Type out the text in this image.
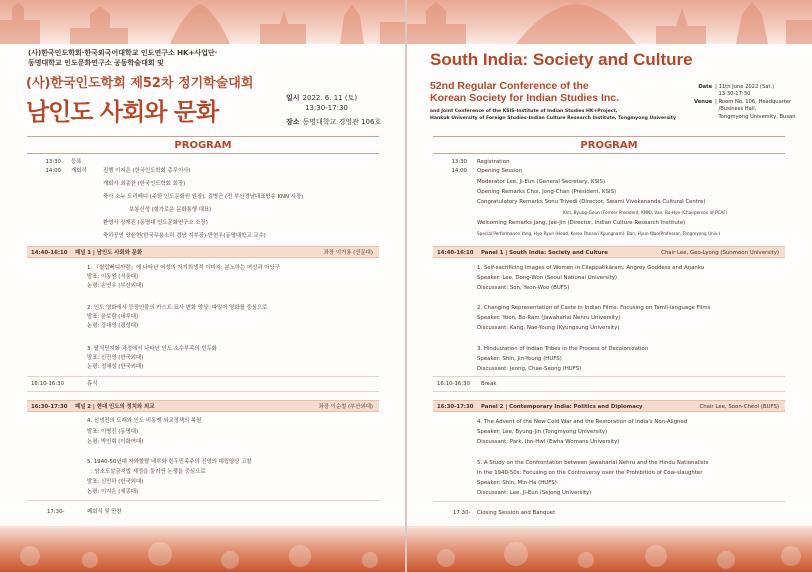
(사)한국인도학회·한국외국어대학교 인도연구소 HK+사업단·
동명대학교 인도문화연구소 공동학술대회 및
(사)한국인도학회 제52차 정기학술대회
남인도 사회와 문화	일시 2022. 6. 11 (토)
13:30-17:30
장소 동명대학교 경영관 106호
PROGRAM
13:30 등록
14:00 개회식	진행 이지은 (한국인도학회 총무이사)
개회사 최종찬 (한국인도학회 회장)
축사 소누 트리베디 (주한 인도문화원 원장), 김병근 (전 부산경남대표방송 KNN 사장)
보봉신생 (형가로운 문화통행 대표)
환영사 장재진 (동명대 인도문화연구소 소장)
축하공연 양윤현(한국무용소리 경남 지부장)·반현우(동명대학교 교수)
14:40-16:10 패널 1 | 남인도 사회와 문화	좌장 이거룡 (선문대)
1. 『쌀랍빠디까람』에 나타난 여성의 자기희생적 이미지: 분노하는 여신과 아낭구
발표: 이동원 (서울대)
논평: 손연우 (부산외대)
2. 인도 영화에서 등장인물의 카스트 묘사 변화 양상: 따밀어 영화를 중심으로
발표: 윤보람 (네루대)
논평: 강내영 (경성대)
3. 탈식민지화 과정에서 나타난 인도 소수부족의 힌두화
발표: 신진영 (한국외대)
논평: 정채성 (한국외대)
16:10-16:30	휴식
16:30-17:30 패널 2 | 현대 인도의 정치와 외교	좌장 이순철 (부산외대)
4. 신냉전의 도래와 인도 비동맹 외교정책의 복원
발표: 이병진 (동명대)
논평: 박인휘 (이화여대)
5. 1940-50년대 자와할랄 네루와 힌두민족주의 진영의 대립양상 고찰
: 암소도살금지법 제정을 둘러싼 논쟁을 중심으로
발표: 신민하 (한국외대)
논평: 이지은 (세종대)
17:30-	폐회식 및 만찬
South India: Society and Culture
52nd Regular Conference of the
Korean Society for Indian Studies Inc.
and Joint Conference of the KSIS-Institute of Indian Studies HK+Project,
Hankuk University of Foreign Studies-Indian Culture Research Institute, Tongmyong University
Date	| 11th June 2022 (Sat.)
	13:30-17:30
Venue	| Room No. 106, Headquarter
	/Business Hall,
	Tongmyong University, Busan
PROGRAM
13:30 Registration
14:00 Opening Session
Moderator Lee, Ji-Eun (General Secretary, KSIS)
Opening Remarks Choi, Jong-Chan (President, KSIS)
Congratulatory Remarks Sonu Trivedi (Director, Swami Vivekananda Cultural Centre)
Kim, Byung-Geun (Former President, KNN), Van. Bo-Hye (Chairperson of PCAF)
Welcoming Remarks Jang, Jae-Jin (Director, Indian Culture Research Institute)
Special Performance Yang, Hyo-Ryun (Head, Korea Pansori Kyungnam)· Ban, Hyun-Woo(Professor, Tongmyong Univ.)
14:40-16:10 Panel 1 | South India: Society and Culture	Chair Lee, Geo-Lyong (Sunmoon University)
1. Self-sacrificing Images of Women in Cilappatikāram: Angrey Goddess and Aṇanku
Speaker: Lee, Dong-Won (Seoul National University)
Discussant: Son, Yeon-Woo (BUFS)
2. Changing Representation of Caste in Indian Films: Focusing on Tamil-language Films
Speaker: Yoon, Bo-Ram (Jawaharlal Nehru University)
Discussant: Kang, Nae-Young (Kyungsung University)
3. Hinduization of Indian Tribes in the Process of Decolonization
Speaker: Shin, Jin-Young (HUFS)
Discussant: Jeong, Chae-Seong (HUFS)
16:10-16:30 Break
16:30-17:30 Panel 2 | Contemporary India: Politics and Diplomacy	Chair Lee, Soon-Cheol (BUFS)
4. The Advent of the New Cold War and the Restoration of India's Non-Aligned
Speaker: Lee, Byung-Jin (Tongmyong University)
Discussant: Park, Ihn-Hwi (Ewha Womans University)
5. A Study on the Confrontation between Jawaharlal Nehru and the Hindu Nationalists
in the 1940-50s: Focusing on the Controversy over the Prohibition of Cow-slaughter
Speaker: Shin, Min-Ha (HUFS)
Discussant: Lee, Ji-Eun (Sejong University)
17:30- Closing Session and Banquet
